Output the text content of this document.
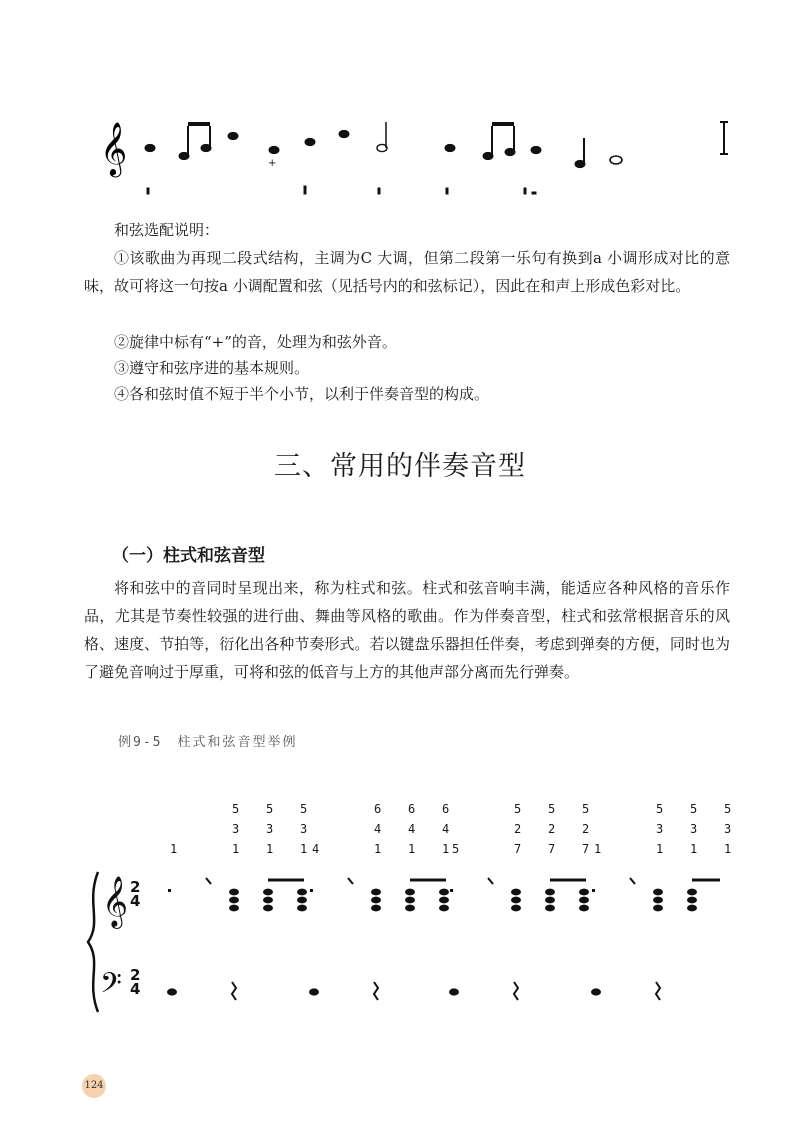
𝄞	+
和弦选配说明：

①该歌曲为再现二段式结构，主调为C 大调，但第二段第一乐句有换到a 小调形成对比的意味，故可将这一句按a 小调配置和弦（见括号内的和弦标记），因此在和声上形成色彩对比。

②旋律中标有“+”的音，处理为和弦外音。
③遵守和弦序进的基本规则。
④各和弦时值不短于半个小节，以利于伴奏音型的构成。
三、常用的伴奏音型
（一）柱式和弦音型

将和弦中的音同时呈现出来，称为柱式和弦。柱式和弦音响丰满，能适应各种风格的音乐作品，尤其是节奏性较强的进行曲、舞曲等风格的歌曲。作为伴奏音型，柱式和弦常根据音乐的风格、速度、节拍等，衍化出各种节奏形式。若以键盘乐器担任伴奏，考虑到弹奏的方便，同时也为了避免音响过于厚重，可将和弦的低音与上方的其他声部分离而先行弹奏。

例9-5　柱式和弦音型举例
1
5
3
1
5
3
1
5
3
1 4
6
4
1
6
4
1
6
4
1 5
5
2
7
5
2
7
5
2
7 1
5
3
1
5
3
1
5
3
1
𝄞
𝄢
2
4
2
4
124
